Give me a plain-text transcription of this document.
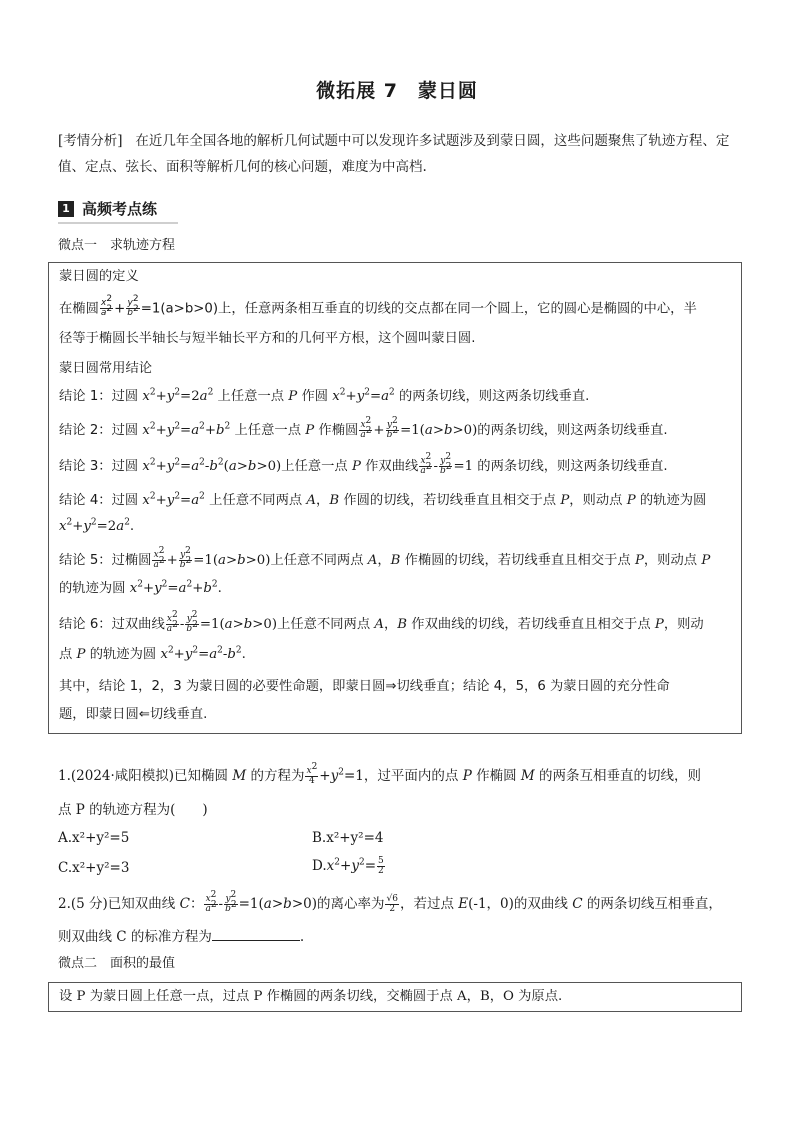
微拓展 7　蒙日圆
[考情分析] 在近几年全国各地的解析几何试题中可以发现许多试题涉及到蒙日圆，这些问题聚焦了轨迹方程、定值、定点、弦长、面积等解析几何的核心问题，难度为中高档.
1 高频考点练
微点一　求轨迹方程
蒙日圆的定义
在椭圆 $\frac{x^2}{a^2} + \frac{y^2}{b^2} =1(a>b>0)$上，任意两条相互垂直的切线的交点都在同一个圆上，它的圆心是椭圆的中心，半
径等于椭圆长半轴长与短半轴长平方和的几何平方根，这个圆叫蒙日圆.
蒙日圆常用结论
结论 1：过圆 $x^2+y^2=2a^2$ 上任意一点 P 作圆 $x^2+y^2=a^2$ 的两条切线，则这两条切线垂直.
结论 2：过圆 $x^2+y^2=a^2+b^2$ 上任意一点 P 作椭圆 $\frac{x^2}{a^2} + \frac{y^2}{b^2} =1(a>b>0)$的两条切线，则这两条切线垂直.
结论 3：过圆 $x^2+y^2=a^2-b^2(a>b>0)$上任意一点 P 作双曲线 $\frac{x^2}{a^2} - \frac{y^2}{b^2} =1$ 的两条切线，则这两条切线垂直.
结论 4：过圆 $x^2+y^2=a^2$ 上任意不同两点 A，B 作圆的切线，若切线垂直且相交于点 P，则动点 P 的轨迹为圆
$x^2+y^2=2a^2$.
结论 5：过椭圆 $\frac{x^2}{a^2} + \frac{y^2}{b^2} =1(a>b>0)$上任意不同两点 A，B 作椭圆的切线，若切线垂直且相交于点 P，则动点 P
的轨迹为圆 $x^2+y^2=a^2+b^2$.
结论 6：过双曲线 $\frac{x^2}{a^2} - \frac{y^2}{b^2} =1(a>b>0)$上任意不同两点 A，B 作双曲线的切线，若切线垂直且相交于点 P，则动
点 P 的轨迹为圆 $x^2+y^2=a^2-b^2$.
其中，结论 1，2，3 为蒙日圆的必要性命题，即蒙日圆⇒切线垂直；结论 4，5，6 为蒙日圆的充分性命
题，即蒙日圆⇐切线垂直.
1.(2024·咸阳模拟)已知椭圆 M 的方程为 $\frac{x^2}{4} +y^2=1$，过平面内的点 P 作椭圆 M 的两条互相垂直的切线，则
点 P 的轨迹方程为(　　)
A.x²+y²=5	B.x²+y²=4
C.x²+y²=3	$D.x^2+y^2= \frac{5}{2}$
2.(5 分)已知双曲线 C： $\frac{x^2}{a^2} - \frac{y^2}{b^2} =1(a>b>0)$的离心率为 $\frac{√6}{2}$ ，若过点 E(-1，0)的双曲线 C 的两条切线互相垂直，
则双曲线 C 的标准方程为	.
微点二　面积的最值
设 P 为蒙日圆上任意一点，过点 P 作椭圆的两条切线，交椭圆于点 A，B，O 为原点.
